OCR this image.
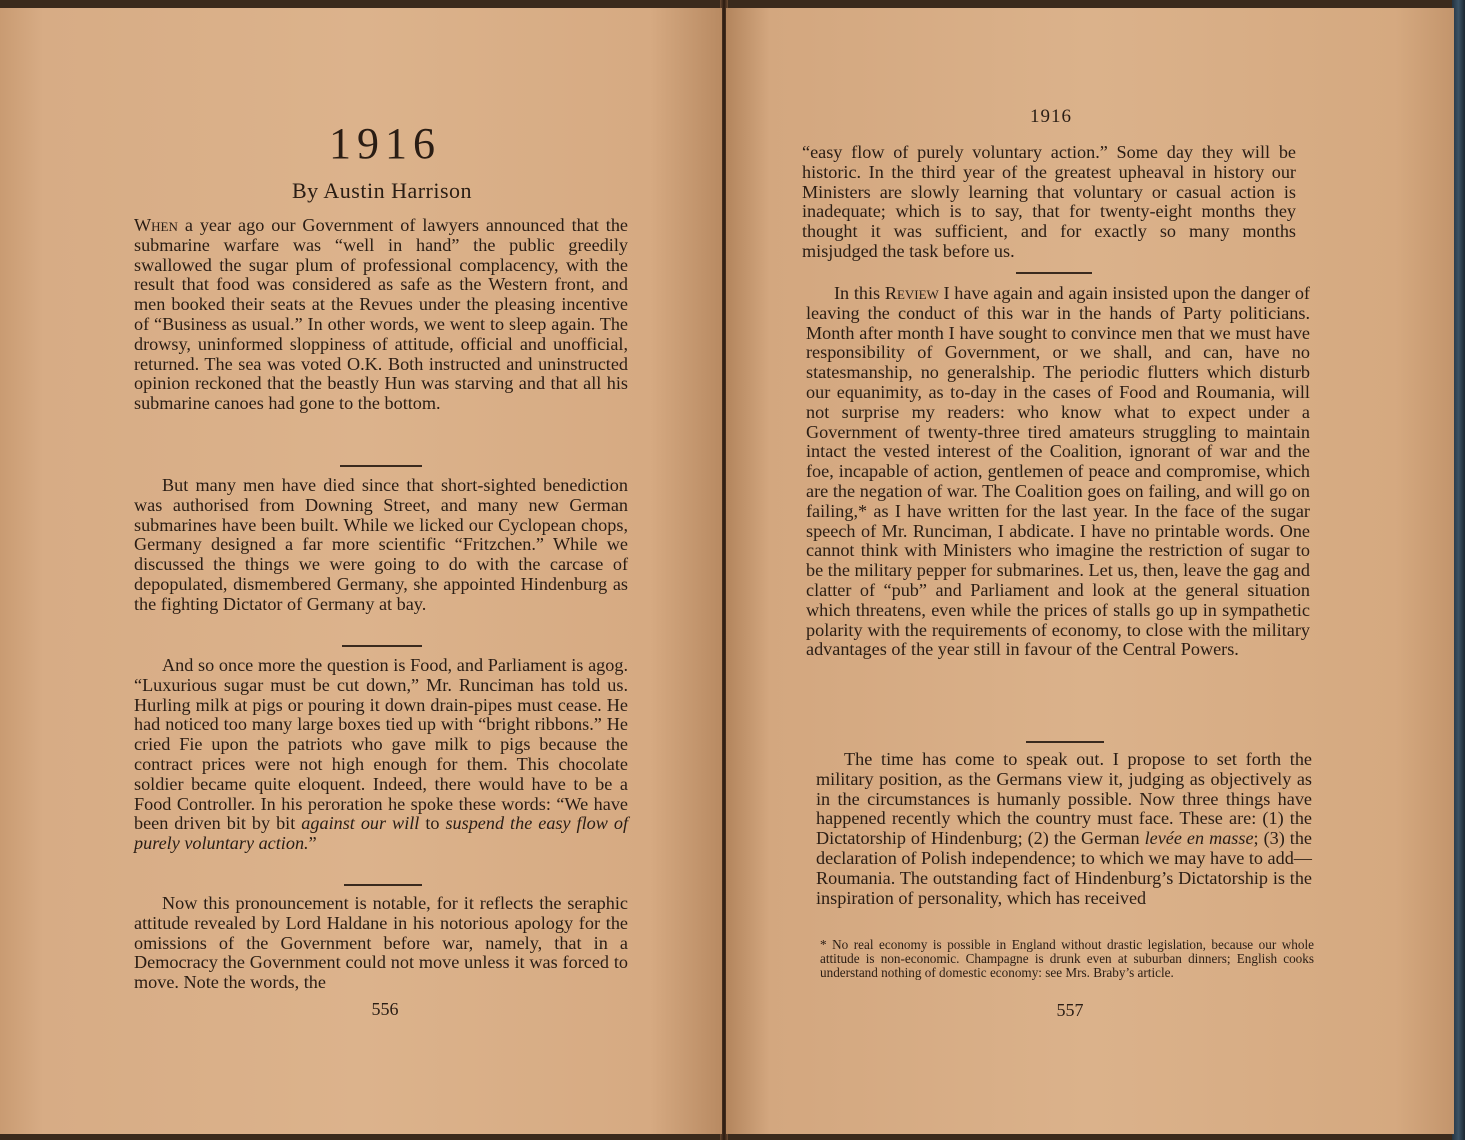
1916
By Austin Harrison

When a year ago our Government of lawyers announced that the submarine warfare was “well in hand” the public greedily swallowed the sugar plum of professional complacency, with the result that food was considered as safe as the Western front, and men booked their seats at the Revues under the pleasing incentive of “Business as usual.” In other words, we went to sleep again. The drowsy, uninformed sloppiness of attitude, official and unofficial, returned. The sea was voted O.K. Both instructed and uninstructed opinion reckoned that the beastly Hun was starving and that all his submarine canoes had gone to the bottom.

But many men have died since that short-sighted benediction was authorised from Downing Street, and many new German submarines have been built. While we licked our Cyclopean chops, Germany designed a far more scientific “Fritzchen.” While we discussed the things we were going to do with the carcase of depopulated, dismembered Germany, she appointed Hindenburg as the fighting Dictator of Germany at bay.

And so once more the question is Food, and Parliament is agog. “Luxurious sugar must be cut down,” Mr. Runciman has told us. Hurling milk at pigs or pouring it down drain-pipes must cease. He had noticed too many large boxes tied up with “bright ribbons.” He cried Fie upon the patriots who gave milk to pigs because the contract prices were not high enough for them. This chocolate soldier became quite eloquent. Indeed, there would have to be a Food Controller. In his peroration he spoke these words: “We have been driven bit by bit against our will to suspend the easy flow of purely voluntary action.”

Now this pronouncement is notable, for it reflects the seraphic attitude revealed by Lord Haldane in his notorious apology for the omissions of the Government before war, namely, that in a Democracy the Government could not move unless it was forced to move. Note the words, the

556
1916

“easy flow of purely voluntary action.” Some day they will be historic. In the third year of the greatest upheaval in history our Ministers are slowly learning that voluntary or casual action is inadequate; which is to say, that for twenty-eight months they thought it was sufficient, and for exactly so many months misjudged the task before us.

In this Review I have again and again insisted upon the danger of leaving the conduct of this war in the hands of Party politicians. Month after month I have sought to convince men that we must have responsibility of Government, or we shall, and can, have no statesmanship, no generalship. The periodic flutters which disturb our equanimity, as to-day in the cases of Food and Roumania, will not surprise my readers: who know what to expect under a Government of twenty-three tired amateurs struggling to maintain intact the vested interest of the Coalition, ignorant of war and the foe, incapable of action, gentlemen of peace and compromise, which are the negation of war. The Coalition goes on failing, and will go on failing,* as I have written for the last year. In the face of the sugar speech of Mr. Runciman, I abdicate. I have no printable words. One cannot think with Ministers who imagine the restriction of sugar to be the military pepper for submarines. Let us, then, leave the gag and clatter of “pub” and Parliament and look at the general situation which threatens, even while the prices of stalls go up in sympathetic polarity with the requirements of economy, to close with the military advantages of the year still in favour of the Central Powers.

The time has come to speak out. I propose to set forth the military position, as the Germans view it, judging as objectively as in the circumstances is humanly possible. Now three things have happened recently which the country must face. These are: (1) the Dictatorship of Hindenburg; (2) the German levée en masse; (3) the declaration of Polish independence; to which we may have to add—Roumania. The outstanding fact of Hindenburg’s Dictatorship is the inspiration of personality, which has received

* No real economy is possible in England without drastic legislation, because our whole attitude is non-economic. Champagne is drunk even at suburban dinners; English cooks understand nothing of domestic economy: see Mrs. Braby’s article.
557
